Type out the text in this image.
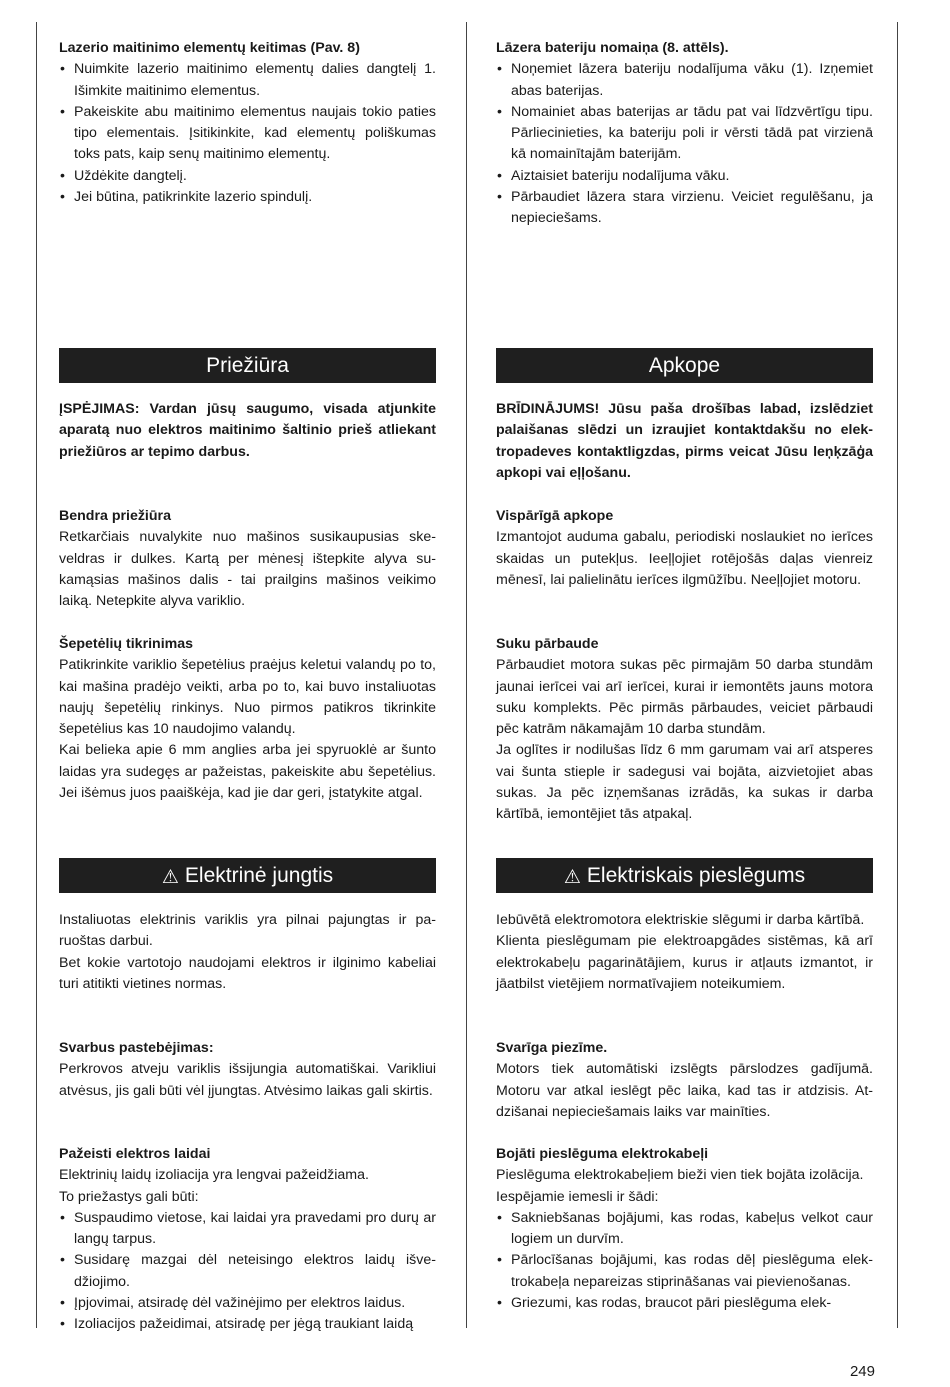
Lazerio maitinimo elementų keitimas (Pav. 8)

• Nuimkite lazerio maitinimo elementų dalies dangtelį 1. Išimkite maitinimo elementus.
• Pakeiskite abu maitinimo elementus naujais tokio paties tipo elementais. Įsitikinkite, kad elementų poliškumas toks pats, kaip senų maitinimo elementų.
• Uždėkite dangtelį.
• Jei būtina, patikrinkite lazerio spindulį.
Priežiūra

ĮSPĖJIMAS: Vardan jūsų saugumo, visada atjunkite aparatą nuo elektros maitinimo šaltinio prieš atliekant priežiūros ar tepimo darbus.

Bendra priežiūra

Retkarčiais nuvalykite nuo mašinos susikaupusias skeveldras ir dulkes. Kartą per mėnesį ištepkite alyva sukamąsias mašinos dalis - tai prailgins mašinos veikimo laiką. Netepkite alyva variklio.

Šepetėlių tikrinimas

Patikrinkite variklio šepetėlius praėjus keletui valandų po to, kai mašina pradėjo veikti, arba po to, kai buvo instaliuotas naujų šepetėlių rinkinys. Nuo pirmos patikros tikrinkite šepetėlius kas 10 naudojimo valandų.

Kai belieka apie 6 mm anglies arba jei spyruoklė ar šunto laidas yra sudegęs ar pažeistas, pakeiskite abu šepetėlius. Jei išėmus juos paaiškėja, kad jie dar geri, įstatykite atgal.

⚠ Elektrinė jungtis

Instaliuotas elektrinis variklis yra pilnai pajungtas ir paruoštas darbui.

Bet kokie vartotojo naudojami elektros ir ilginimo kabeliai turi atitikti vietines normas.

Svarbus pastebėjimas:

Perkrovos atveju variklis išsijungia automatiškai. Varikliui atvėsus, jis gali būti vėl įjungtas. Atvėsimo laikas gali skirtis.

Pažeisti elektros laidai

Elektrinių laidų izoliacija yra lengvai pažeidžiama.

To priežastys gali būti:

• Suspaudimo vietose, kai laidai yra pravedami pro durų ar langų tarpus.
• Susidarę mazgai dėl neteisingo elektros laidų išvedžiojimo.
• Įpjovimai, atsiradę dėl važinėjimo per elektros laidus.
• Izoliacijos pažeidimai, atsiradę per jėgą traukiant laidą

Lāzera bateriju nomaiņa (8. attēls).

• Noņemiet lāzera bateriju nodalījuma vāku (1). Izņemiet abas baterijas.
• Nomainiet abas baterijas ar tādu pat vai līdzvērtīgu tipu. Pārliecinieties, ka bateriju poli ir vērsti tādā pat virzienā kā nomainītajām baterijām.
• Aiztaisiet bateriju nodalījuma vāku.
• Pārbaudiet lāzera stara virzienu. Veiciet regulēšanu, ja nepieciešams.
Apkope

BRĪDINĀJUMS! Jūsu paša drošības labad, izslēdziet palaišanas slēdzi un izraujiet kontaktdakšu no elektropadeves kontaktligzdas, pirms veicat Jūsu leņķzāģa apkopi vai eļļošanu.

Vispārīgā apkope

Izmantojot auduma gabalu, periodiski noslaukiet no ierīces skaidas un putekļus. Ieeļļojiet rotējošās daļas vienreiz mēnesī, lai palielinātu ierīces ilgmūžību. Neeļļojiet motoru.

Suku pārbaude

Pārbaudiet motora sukas pēc pirmajām 50 darba stundām jaunai ierīcei vai arī ierīcei, kurai ir iemontēts jauns motora suku komplekts. Pēc pirmās pārbaudes, veiciet pārbaudi pēc katrām nākamajām 10 darba stundām.

Ja oglītes ir nodilušas līdz 6 mm garumam vai arī atsperes vai šunta stieple ir sadegusi vai bojāta, aizvietojiet abas sukas. Ja pēc izņemšanas izrādās, ka sukas ir darba kārtībā, iemontējiet tās atpakaļ.

⚠ Elektriskais pieslēgums

Iebūvētā elektromotora elektriskie slēgumi ir darba kārtībā.

Klienta pieslēgumam pie elektroapgādes sistēmas, kā arī elektrokabeļu pagarinātājiem, kurus ir atļauts izmantot, ir jāatbilst vietējiem normatīvajiem noteikumiem.

Svarīga piezīme.

Motors tiek automātiski izslēgts pārslodzes gadījumā. Motoru var atkal ieslēgt pēc laika, kad tas ir atdzisis. Atdzišanai nepieciešamais laiks var mainīties.

Bojāti pieslēguma elektrokabeļi

Pieslēguma elektrokabeļiem bieži vien tiek bojāta izolācija.

Iespējamie iemesli ir šādi:

• Sakniebšanas bojājumi, kas rodas, kabeļus velkot caur logiem un durvīm.
• Pārlocīšanas bojājumi, kas rodas dēļ pieslēguma elektrokabeļa nepareizas stiprināšanas vai pievienošanas.
• Griezumi, kas rodas, braucot pāri pieslēguma elek-
249
